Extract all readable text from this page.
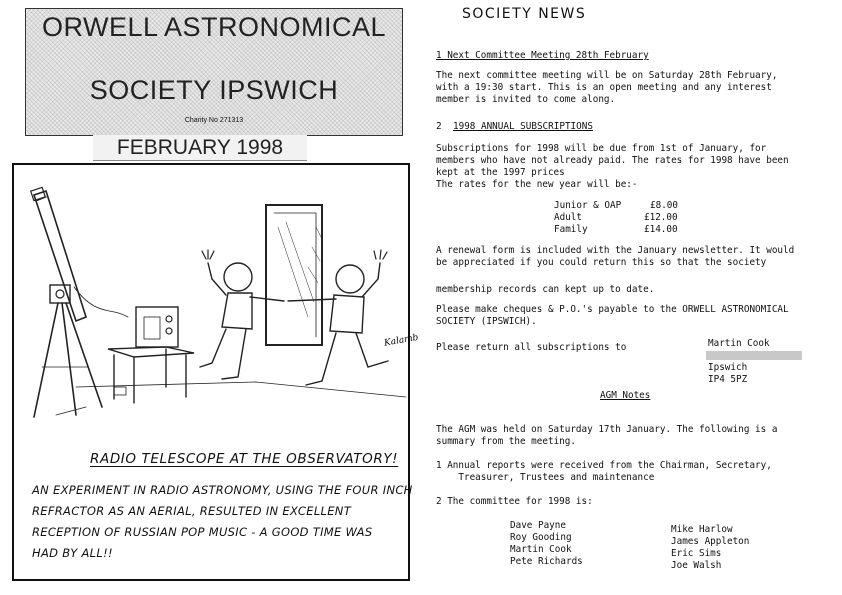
ORWELL ASTRONOMICAL
SOCIETY IPSWICH
Charity No 271313
FEBRUARY 1998
Kalamb
RADIO TELESCOPE AT THE OBSERVATORY!
AN EXPERIMENT IN RADIO ASTRONOMY, USING THE FOUR INCH
REFRACTOR AS AN AERIAL, RESULTED IN EXCELLENT
RECEPTION OF RUSSIAN POP MUSIC - A GOOD TIME WAS
HAD BY ALL!!
SOCIETY NEWS
1 Next Committee Meeting 28th February
The next committee meeting will be on Saturday 28th February,
with a 19:30 start. This is an open meeting and any interest
member is invited to come along.
2 1998 ANNUAL SUBSCRIPTIONS
Subscriptions for 1998 will be due from 1st of January, for
members who have not already paid. The rates for 1998 have been
kept at the 1997 prices
The rates for the new year will be:-
Junior & OAP	£8.00
Adult	£12.00
Family	£14.00
A renewal form is included with the January newsletter. It would
be appreciated if you could return this so that the society
membership records can kept up to date.
Please make cheques & P.O.'s payable to the ORWELL ASTRONOMICAL
SOCIETY (IPSWICH).
Please return all subscriptions to	Martin Cook
Ipswich
IP4 5PZ
AGM Notes
The AGM was held on Saturday 17th January. The following is a
summary from the meeting.
1 Annual reports were received from the Chairman, Secretary,
Treasurer, Trustees and maintenance
2 The committee for 1998 is:
Dave Payne
Roy Gooding
Martin Cook
Pete Richards
Mike Harlow
James Appleton
Eric Sims
Joe Walsh
